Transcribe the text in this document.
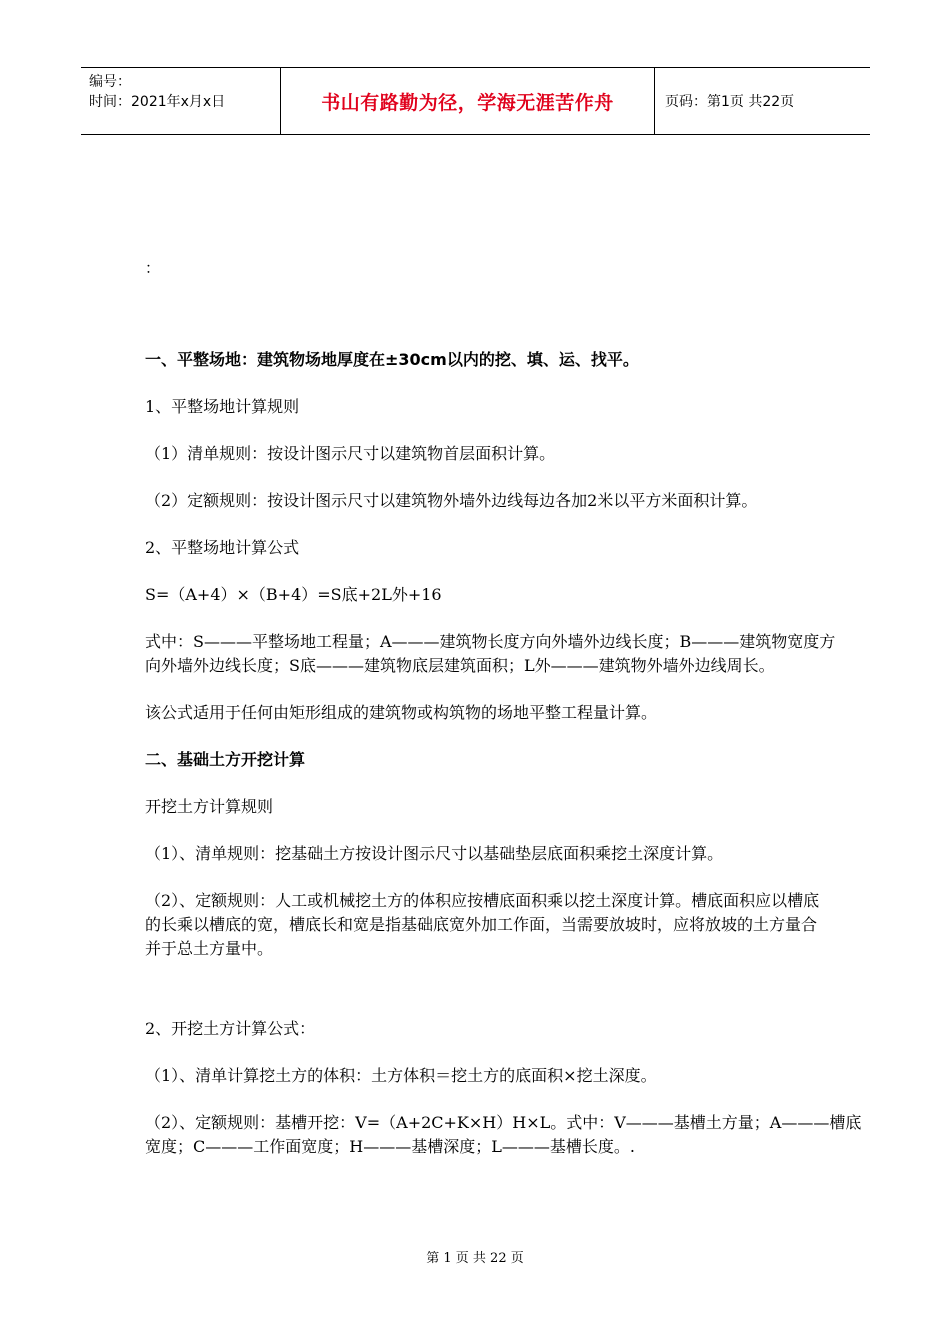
编号：
时间：2021年x月x日	书山有路勤为径，学海无涯苦作舟	页码：第1页 共22页
：
一、平整场地：建筑物场地厚度在±30cm以内的挖、填、运、找平。

1、平整场地计算规则

（1）清单规则：按设计图示尺寸以建筑物首层面积计算。

（2）定额规则：按设计图示尺寸以建筑物外墙外边线每边各加2米以平方米面积计算。

2、平整场地计算公式

S=（A+4）×（B+4）=S底+2L外+16

式中：S———平整场地工程量；A———建筑物长度方向外墙外边线长度；B———建筑物宽度方

向外墙外边线长度；S底———建筑物底层建筑面积；L外———建筑物外墙外边线周长。

该公式适用于任何由矩形组成的建筑物或构筑物的场地平整工程量计算。

二、基础土方开挖计算

开挖土方计算规则

（1）、清单规则：挖基础土方按设计图示尺寸以基础垫层底面积乘挖土深度计算。

（2）、定额规则：人工或机械挖土方的体积应按槽底面积乘以挖土深度计算。槽底面积应以槽底

的长乘以槽底的宽，槽底长和宽是指基础底宽外加工作面，当需要放坡时，应将放坡的土方量合

并于总土方量中。

2、开挖土方计算公式：

（1）、清单计算挖土方的体积：土方体积＝挖土方的底面积×挖土深度。

（2）、定额规则：基槽开挖：V=（A+2C+K×H）H×L。式中：V———基槽土方量；A———槽底

宽度；C———工作面宽度；H———基槽深度；L———基槽长度。.

第 1 页 共 22 页
